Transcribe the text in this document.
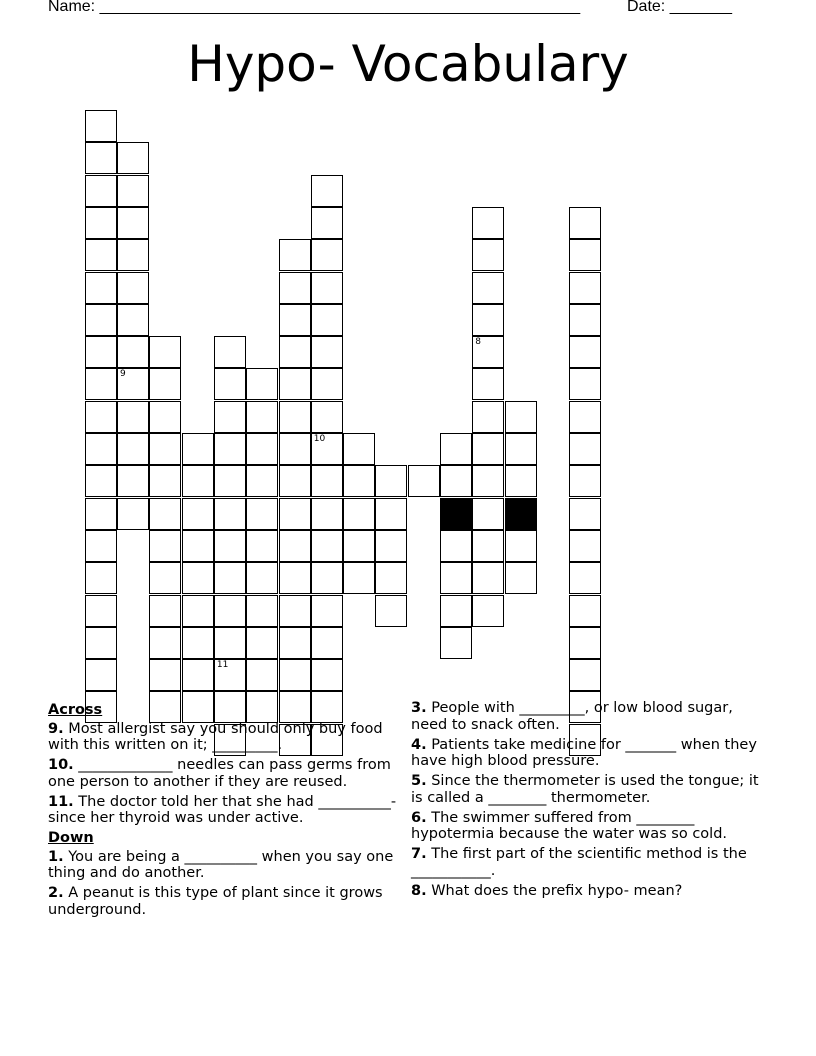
Name: ______________________________________________________	Date: _______
Hypo- Vocabulary
8
10
11
9
Across
9. Most allergist say you should only buy food with this written on it; _________.
10. _____________ needles can pass germs from one person to another if they are reused.
11. The doctor told her that she had __________- since her thyroid was under active.
Down
1. You are being a __________ when you say one thing and do another.
2. A peanut is this type of plant since it grows underground.
3. People with _________, or low blood sugar, need to snack often.
4. Patients take medicine for _______ when they have high blood pressure.
5. Since the thermometer is used the tongue; it is called a ________ thermometer.
6. The swimmer suffered from ________ hypotermia because the water was so cold.
7. The first part of the scientific method is the ___________.
8. What does the prefix hypo- mean?
